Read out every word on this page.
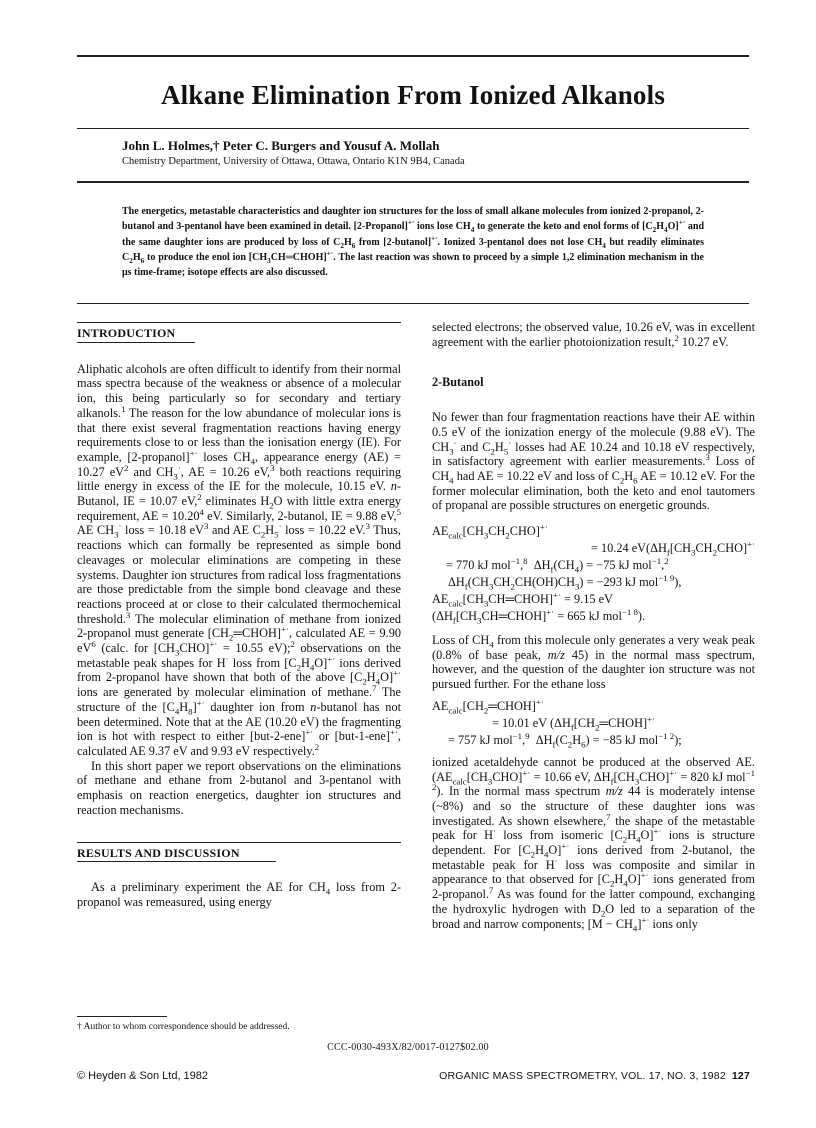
Alkane Elimination From Ionized Alkanols
John L. Holmes,† Peter C. Burgers and Yousuf A. Mollah
Chemistry Department, University of Ottawa, Ottawa, Ontario K1N 9B4, Canada
The energetics, metastable characteristics and daughter ion structures for the loss of small alkane molecules from ionized 2-propanol, 2-butanol and 3-pentanol have been examined in detail. [2-Propanol]+· ions lose $CH_4$ to generate the keto and enol forms of $[C_2H_4O]^{+\cdot}$ and the same daughter ions are produced by loss of $C_2H_6$ from [2-butanol]+·. Ionized 3-pentanol does not lose $CH_4$ but readily eliminates $C_2H_6$ to produce the enol ion $[CH_3CH═CHOH]^{+\cdot}$. The last reaction was shown to proceed by a simple 1,2 elimination mechanism in the μs time-frame; isotope effects are also discussed.
INTRODUCTION

Aliphatic alcohols are often difficult to identify from their normal mass spectra because of the weakness or absence of a molecular ion, this being particularly so for secondary and tertiary alkanols.$^1$ The reason for the low abundance of molecular ions is that there exist several fragmentation reactions having energy requirements close to or less than the ionisation energy (IE). For example, [2-propanol]+· loses $CH_4$, appearance energy (AE) = 10.27 $eV^2$ and $CH_3^\cdot$, AE = 10.26 eV,$^3$ both reactions requiring little energy in excess of the IE for the molecule, 10.15 eV. n-Butanol, IE = 10.07 eV,$^2$ eliminates $H_2O$ with little extra energy requirement, AE = $10.20^4$ eV. Similarly, 2-butanol, IE = 9.88 eV,$^5$ AE $CH_3^\cdot$ loss = 10.18 $eV^3$ and AE $C_2H_5^\cdot$ loss = 10.22 eV.$^3$ Thus, reactions which can formally be represented as simple bond cleavages or molecular eliminations are competing in these systems. Daughter ion structures from radical loss fragmentations are those predictable from the simple bond cleavage and these reactions proceed at or close to their calculated thermochemical threshold.$^3$ The molecular elimination of methane from ionized 2-propanol must generate $[CH_2═CHOH]^{+\cdot}$, calculated AE = 9.90 $eV^6$ (calc. for $[CH_3CHO]^{+\cdot} = 10.55$ eV);$^2$ observations on the metastable peak shapes for H· loss from $[C_2H_4O]^{+\cdot}$ ions derived from 2-propanol have shown that both of the above $[C_2H_4O]^{+\cdot}$ ions are generated by molecular elimination of methane.$^7$ The structure of the $[C_4H_8]^{+\cdot}$ daughter ion from n-butanol has not been determined. Note that at the AE (10.20 eV) the fragmenting ion is hot with respect to either [but-2-ene]+· or [but-1-ene]+·, calculated AE 9.37 eV and 9.93 eV respectively.$^2$

In this short paper we report observations on the eliminations of methane and ethane from 2-butanol and 3-pentanol with emphasis on reaction energetics, daughter ion structures and reaction mechanisms.

RESULTS AND DISCUSSION

As a preliminary experiment the AE for $CH_4$ loss from 2-propanol was remeasured, using energy

selected electrons; the observed value, 10.26 eV, was in excellent agreement with the earlier photoionization result,$^2$ 10.27 eV.

2-Butanol

No fewer than four fragmentation reactions have their AE within 0.5 eV of the ionization energy of the molecule (9.88 eV). The $CH_3^\cdot$ and $C_2H_5^\cdot$ losses had AE 10.24 and 10.18 eV respectively, in satisfactory agreement with earlier measurements.$^3$ Loss of $CH_4$ had AE = 10.22 eV and loss of $C_2H_6$ AE = 10.12 eV. For the former molecular elimination, both the keto and enol tautomers of propanal are possible structures on energetic grounds.

$AE_{calc}[CH_3CH_2CHO]^{+\cdot}$
= 10.24 $eV(\Delta H_f[CH_3CH_2CHO]^{+\cdot}$
= 770 kJ mol$^{-1}$,$^8$  $\Delta H_f(CH_4) = -75$ kJ mol$^{-1}$,$^2$
$\Delta H_f(CH_3CH_2CH(OH)CH_3) = -293$ kJ mol$^{-1 9}$),
$AE_{calc}[CH_3CH═CHOH]^{+\cdot} = 9.15$ eV
($\Delta H_f[CH_3CH═CHOH]^{+\cdot} = 665$ kJ mol$^{-1 8}$).

Loss of $CH_4$ from this molecule only generates a very weak peak (0.8% of base peak, m/z 45) in the normal mass spectrum, however, and the question of the daughter ion structure was not pursued further. For the ethane loss

$AE_{calc}[CH_2═CHOH]^{+\cdot}$
= 10.01 eV ($\Delta H_f[CH_2═CHOH]^{+\cdot}$
= 757 kJ mol$^{-1}$,$^9$  $\Delta H_f(C_2H_6) = -85$ kJ mol$^{-1 2}$);

ionized acetaldehyde cannot be produced at the observed AE. ($AE_{calc}[CH_3CHO]^{+\cdot} = 10.66$ eV, $\Delta H_f[CH_3CHO]^{+\cdot} = 820$ kJ mol$^{-1 2}$). In the normal mass spectrum m/z 44 is moderately intense (~8%) and so the structure of these daughter ions was investigated. As shown elsewhere,$^7$ the shape of the metastable peak for H· loss from isomeric $[C_2H_4O]^{+\cdot}$ ions is structure dependent. For $[C_2H_4O]^{+\cdot}$ ions derived from 2-butanol, the metastable peak for H· loss was composite and similar in appearance to that observed for $[C_2H_4O]^{+\cdot}$ ions generated from 2-propanol.$^7$ As was found for the latter compound, exchanging the hydroxylic hydrogen with $D_2O$ led to a separation of the broad and narrow components; $[M - CH_4]^{+\cdot}$ ions only

† Author to whom correspondence should be addressed.
CCC-0030-493X/82/0017-0127$02.00
© Heyden & Son Ltd, 1982	ORGANIC MASS SPECTROMETRY, VOL. 17, NO. 3, 1982 127
